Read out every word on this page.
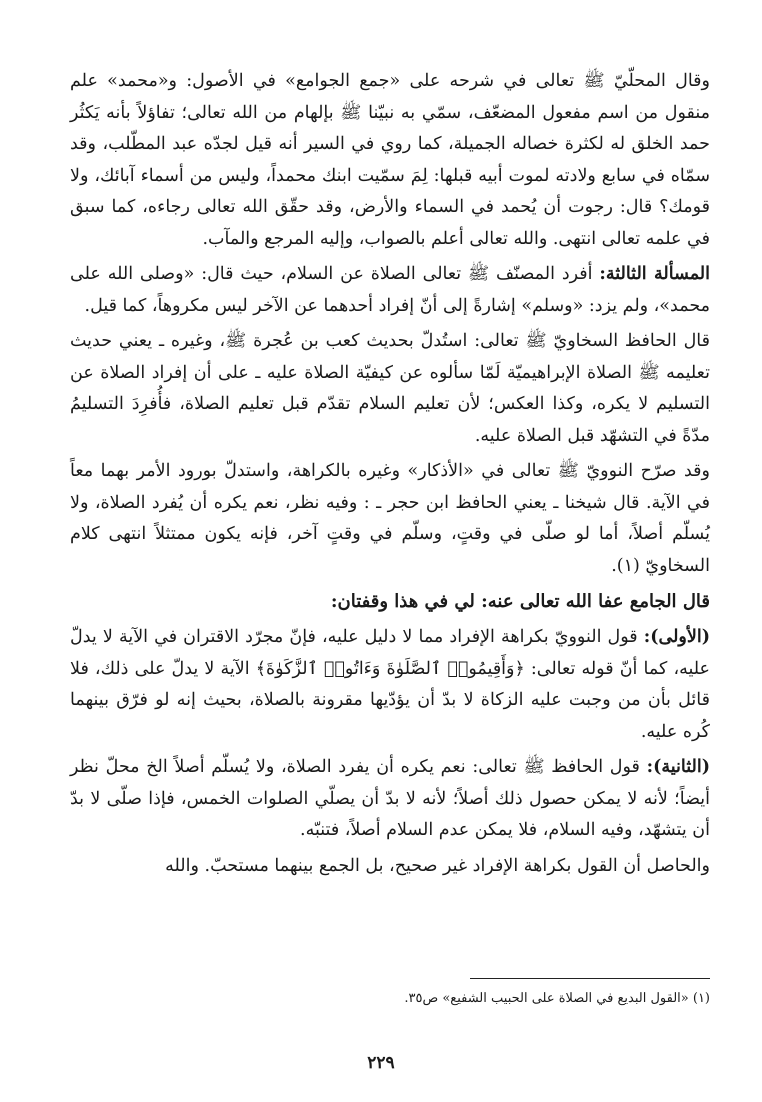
وقال المحلّيّ ﷺ تعالى في شرحه على «جمع الجوامع» في الأصول: و«محمد» علم منقول من اسم مفعول المضعّف، سمّي به نبيّنا ﷺ بإلهام من الله تعالى؛ تفاؤلاً بأنه يَكثُر حمد الخلق له لكثرة خصاله الجميلة، كما روي في السير أنه قيل لجدّه عبد المطّلب، وقد سمّاه في سابع ولادته لموت أبيه قبلها: لِمَ سمّيت ابنك محمداً، وليس من أسماء آبائك، ولا قومك؟ قال: رجوت أن يُحمد في السماء والأرض، وقد حقّق الله تعالى رجاءه، كما سبق في علمه تعالى انتهى. والله تعالى أعلم بالصواب، وإليه المرجع والمآب.

المسألة الثالثة: أفرد المصنّف ﷺ تعالى الصلاة عن السلام، حيث قال: «وصلى الله على محمد»، ولم يزد: «وسلم» إشارةً إلى أنّ إفراد أحدهما عن الآخر ليس مكروهاً، كما قيل.

قال الحافظ السخاويّ ﷺ تعالى: استُدلّ بحديث كعب بن عُجرة ﷺ، وغيره ـ يعني حديث تعليمه ﷺ الصلاة الإبراهيميّة لَمّا سألوه عن كيفيّة الصلاة عليه ـ على أن إفراد الصلاة عن التسليم لا يكره، وكذا العكس؛ لأن تعليم السلام تقدّم قبل تعليم الصلاة، فأُفرِدَ التسليمُ مدّةً في التشهّد قبل الصلاة عليه.

وقد صرّح النوويّ ﷺ تعالى في «الأذكار» وغيره بالكراهة، واستدلّ بورود الأمر بهما معاً في الآية. قال شيخنا ـ يعني الحافظ ابن حجر ـ : وفيه نظر، نعم يكره أن يُفرد الصلاة، ولا يُسلّم أصلاً، أما لو صلّى في وقتٍ، وسلّم في وقتٍ آخر، فإنه يكون ممتثلاً انتهى كلام السخاويّ (١).

قال الجامع عفا الله تعالى عنه: لي في هذا وقفتان:

(الأولى): قول النوويّ بكراهة الإفراد مما لا دليل عليه، فإنّ مجرّد الاقتران في الآية لا يدلّ عليه، كما أنّ قوله تعالى: ﴿وَأَقِيمُوا۟ ٱلصَّلَوٰةَ وَءَاتُوا۟ ٱلزَّكَوٰةَ﴾ الآية لا يدلّ على ذلك، فلا قائل بأن من وجبت عليه الزكاة لا بدّ أن يؤدّيها مقرونة بالصلاة، بحيث إنه لو فرّق بينهما كُره عليه.

(الثانية): قول الحافظ ﷺ تعالى: نعم يكره أن يفرد الصلاة، ولا يُسلّم أصلاً الخ محلّ نظر أيضاً؛ لأنه لا يمكن حصول ذلك أصلاً؛ لأنه لا بدّ أن يصلّي الصلوات الخمس، فإذا صلّى لا بدّ أن يتشهّد، وفيه السلام، فلا يمكن عدم السلام أصلاً، فتنبّه.

والحاصل أن القول بكراهة الإفراد غير صحيح، بل الجمع بينهما مستحبّ. والله

(١) «القول البديع في الصلاة على الحبيب الشفيع» ص٣٥.
٢٢٩
